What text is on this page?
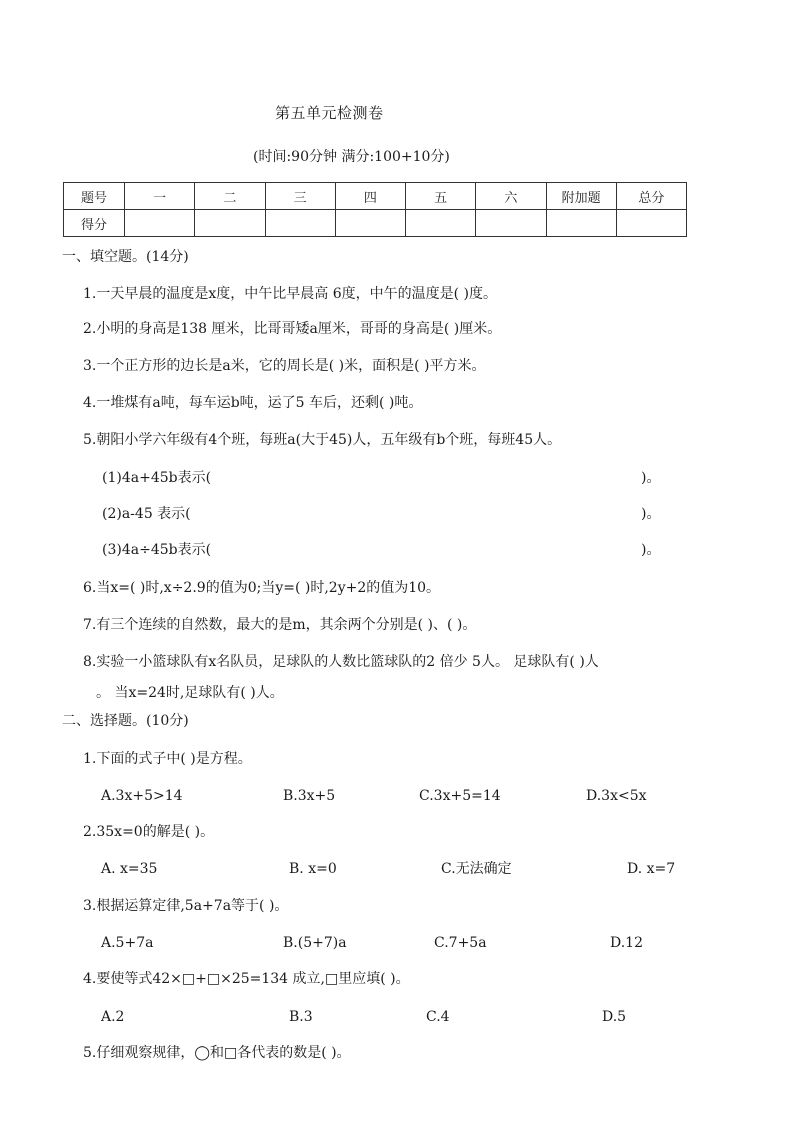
第五单元检测卷
(时间:90分钟 满分:100+10分)
题号	一	二	三	四	五	六	附加题	总分
得分								
一、填空题。(14分)
1.一天早晨的温度是x度，中午比早晨高 6度，中午的温度是( )度。
2.小明的身高是138 厘米，比哥哥矮a厘米，哥哥的身高是( )厘米。
3.一个正方形的边长是a米，它的周长是( )米，面积是( )平方米。
4.一堆煤有a吨，每车运b吨，运了5 车后，还剩( )吨。
5.朝阳小学六年级有4个班，每班a(大于45)人，五年级有b个班，每班45人。
(1)4a+45b表示(	)。
(2)a-45 表示(	)。
(3)4a÷45b表示(	)。
6.当x=( )时,x÷2.9的值为0;当y=( )时,2y+2的值为10。
7.有三个连续的自然数，最大的是m，其余两个分别是( )、( )。
8.实验一小篮球队有x名队员，足球队的人数比篮球队的2 倍少 5人。 足球队有( )人
。 当x=24时,足球队有( )人。
二、选择题。(10分)
1.下面的式子中( )是方程。
A.3x+5>14	B.3x+5	C.3x+5=14	D.3x<5x
2.35x=0的解是( )。
A. x=35	B. x=0	C.无法确定	D. x=7
3.根据运算定律,5a+7a等于( )。
A.5+7a	B.(5+7)a	C.7+5a	D.12
4.要使等式42×□+□×25=134 成立,□里应填( )。
A.2	B.3	C.4	D.5
5.仔细观察规律，◯和□各代表的数是( )。
